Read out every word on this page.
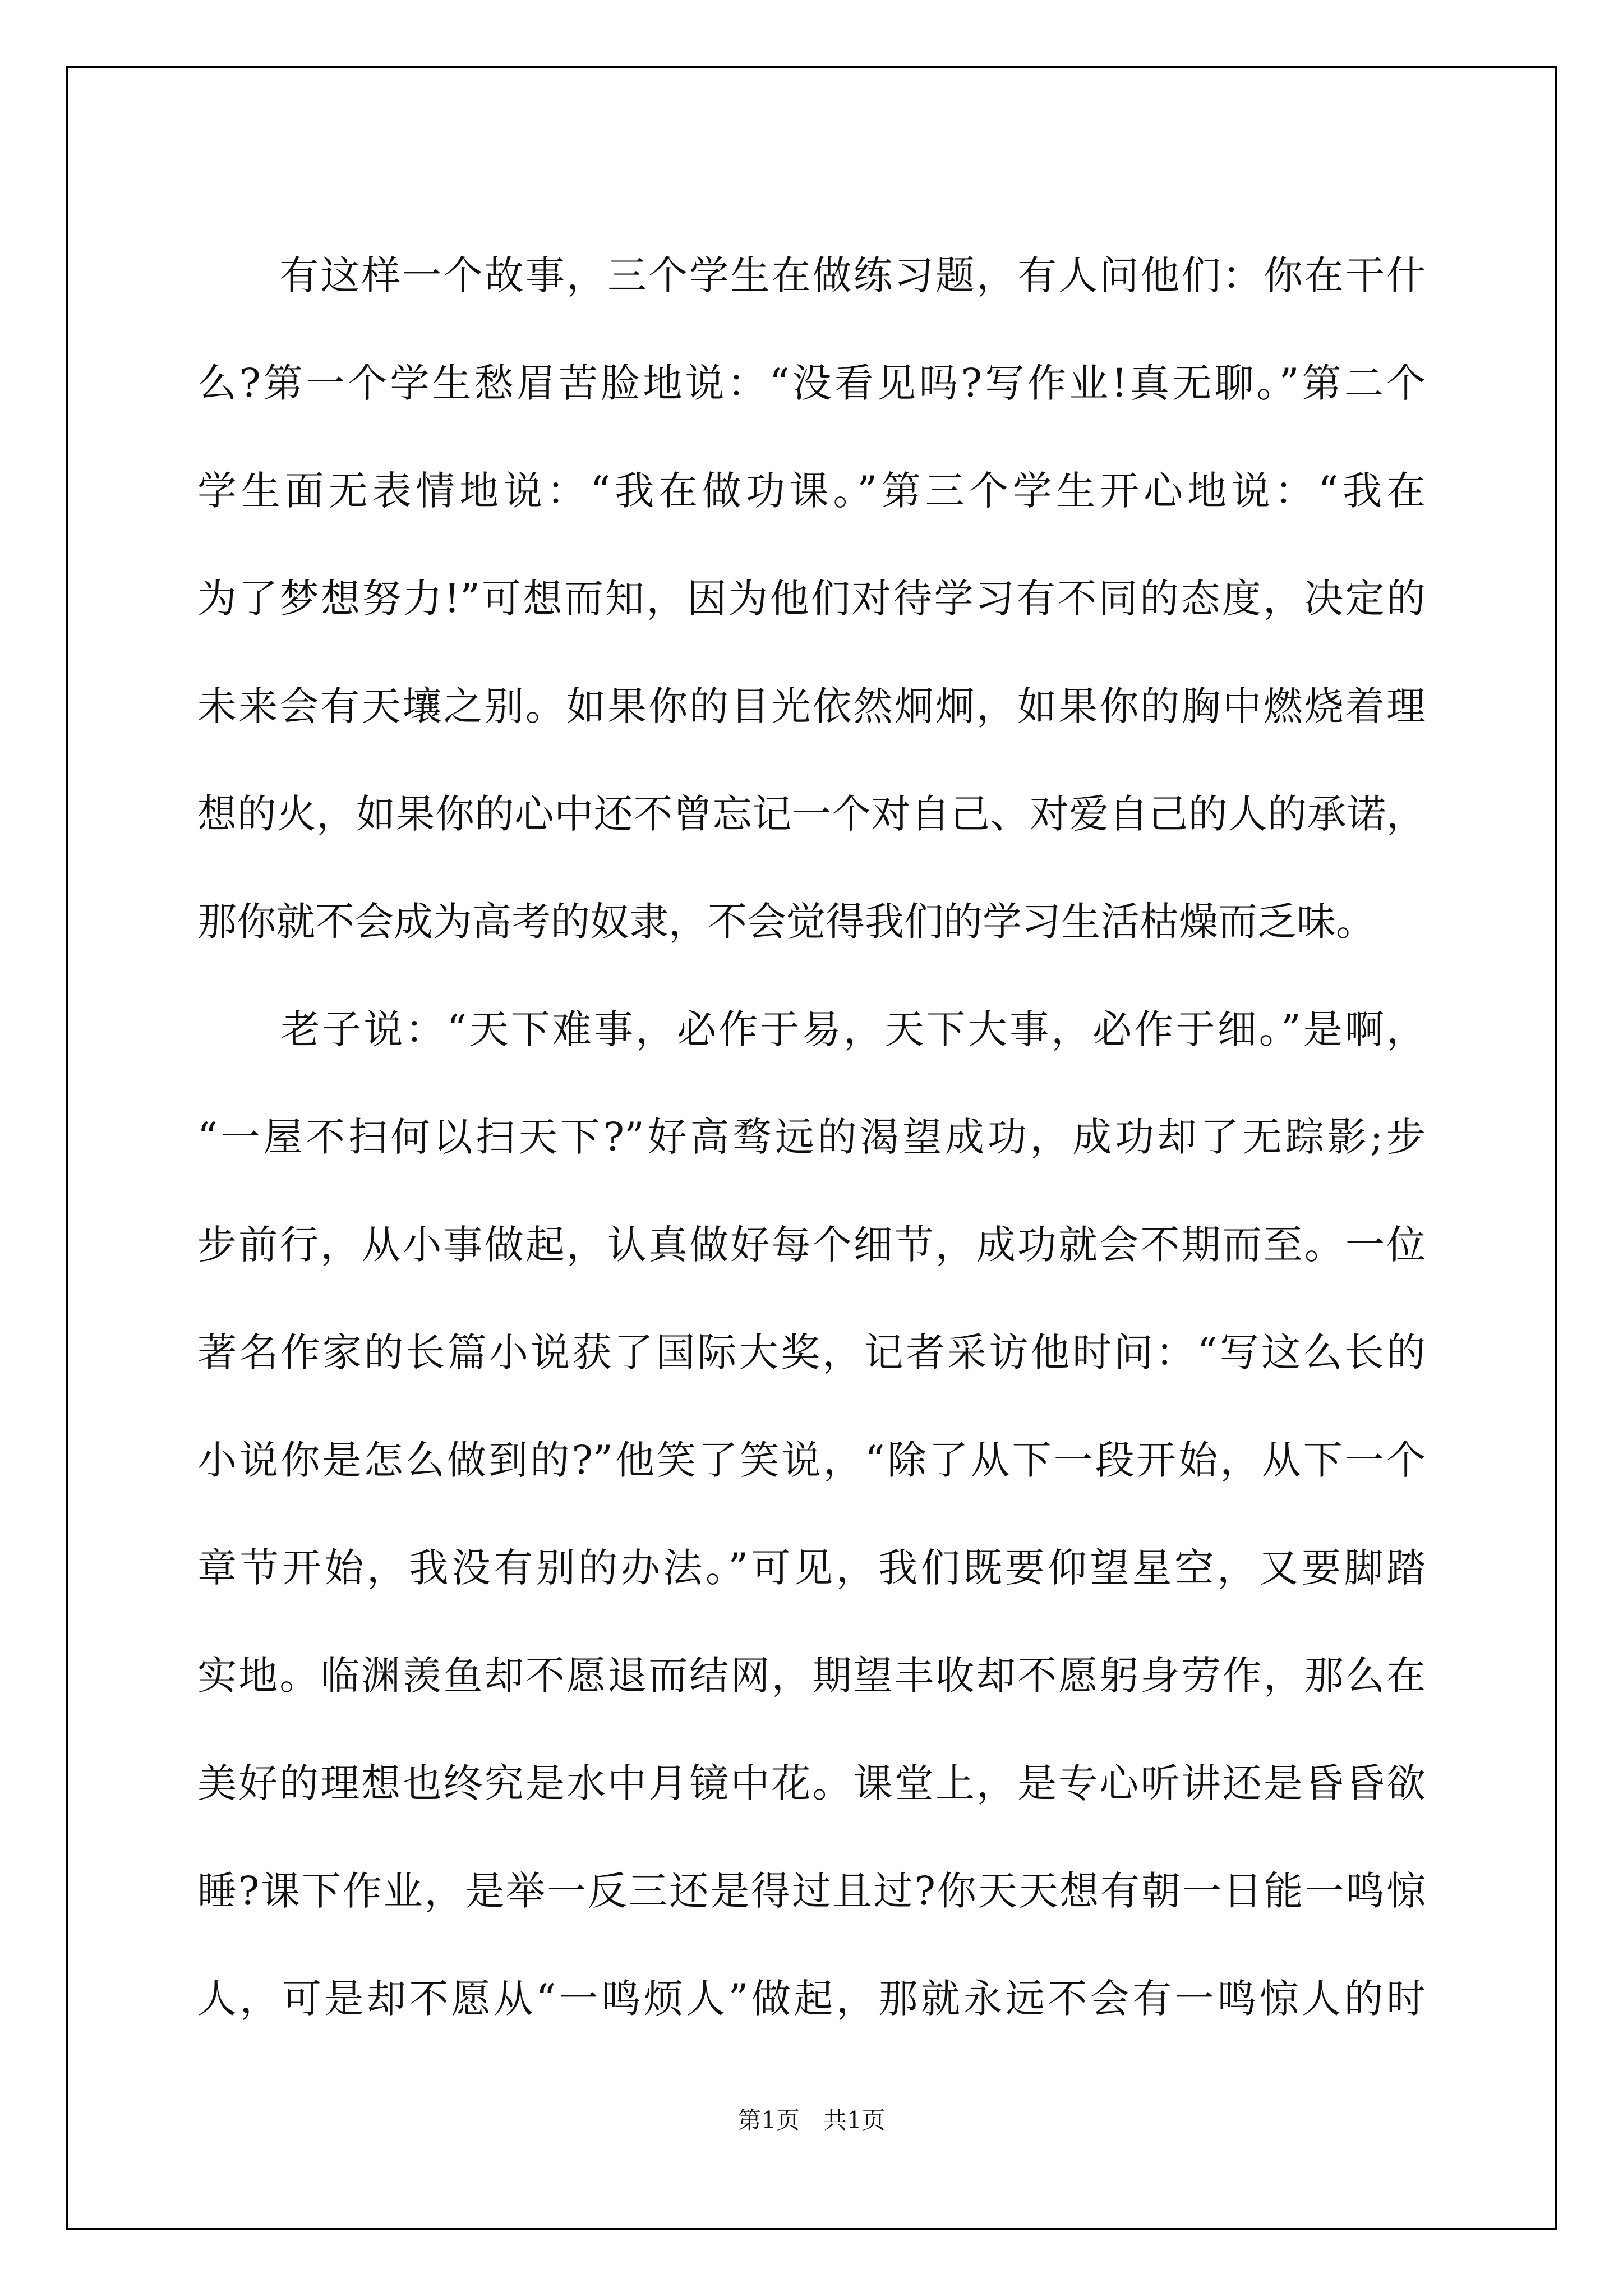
　　有这样一个故事，三个学生在做练习题，有人问他们：你在干什
么?第一个学生愁眉苦脸地说：“没看见吗?写作业!真无聊。”第二个
学生面无表情地说：“我在做功课。”第三个学生开心地说：“我在
为了梦想努力!”可想而知，因为他们对待学习有不同的态度，决定的
未来会有天壤之别。如果你的目光依然炯炯，如果你的胸中燃烧着理
想的火，如果你的心中还不曾忘记一个对自己、对爱自己的人的承诺，
那你就不会成为高考的奴隶，不会觉得我们的学习生活枯燥而乏味。
　　老子说：“天下难事，必作于易，天下大事，必作于细。”是啊，
“一屋不扫何以扫天下?”好高骛远的渴望成功，成功却了无踪影;步
步前行，从小事做起，认真做好每个细节，成功就会不期而至。一位
著名作家的长篇小说获了国际大奖，记者采访他时问：“写这么长的
小说你是怎么做到的?”他笑了笑说，“除了从下一段开始，从下一个
章节开始，我没有别的办法。”可见，我们既要仰望星空，又要脚踏
实地。临渊羡鱼却不愿退而结网，期望丰收却不愿躬身劳作，那么在
美好的理想也终究是水中月镜中花。课堂上，是专心听讲还是昏昏欲
睡?课下作业，是举一反三还是得过且过?你天天想有朝一日能一鸣惊
人，可是却不愿从“一鸣烦人”做起，那就永远不会有一鸣惊人的时
第1页　共1页
